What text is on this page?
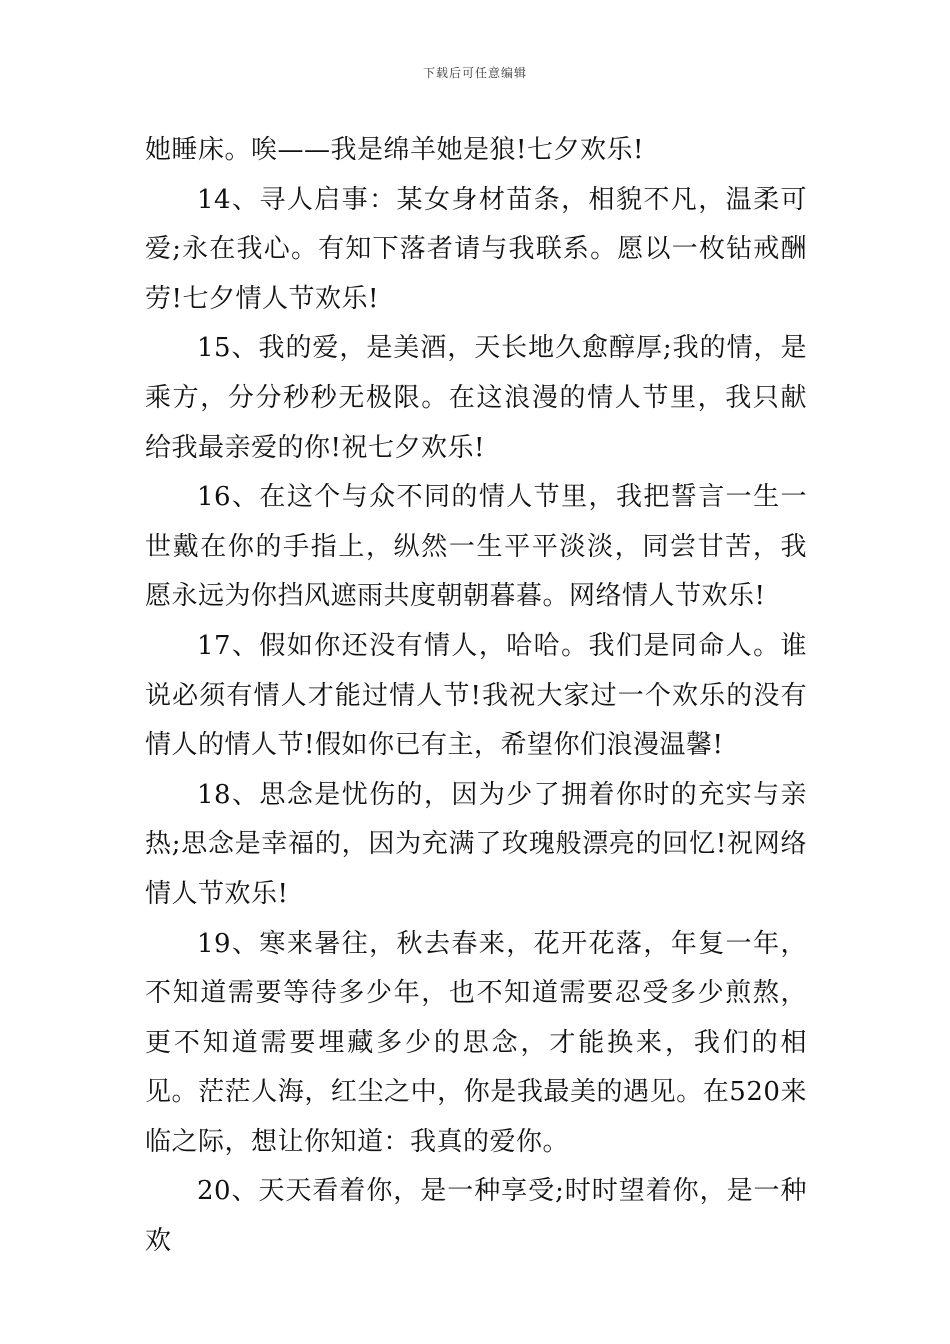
下载后可任意编辑

她睡床。唉——我是绵羊她是狼!七夕欢乐!

14、寻人启事：某女身材苗条，相貌不凡，温柔可爱;永在我心。有知下落者请与我联系。愿以一枚钻戒酬劳!七夕情人节欢乐!

15、我的爱，是美酒，天长地久愈醇厚;我的情，是乘方，分分秒秒无极限。在这浪漫的情人节里，我只献给我最亲爱的你!祝七夕欢乐!

16、在这个与众不同的情人节里，我把誓言一生一世戴在你的手指上，纵然一生平平淡淡，同尝甘苦，我愿永远为你挡风遮雨共度朝朝暮暮。网络情人节欢乐!

17、假如你还没有情人，哈哈。我们是同命人。谁说必须有情人才能过情人节!我祝大家过一个欢乐的没有情人的情人节!假如你已有主，希望你们浪漫温馨!

18、思念是忧伤的，因为少了拥着你时的充实与亲热;思念是幸福的，因为充满了玫瑰般漂亮的回忆!祝网络情人节欢乐!

19、寒来暑往，秋去春来，花开花落，年复一年，不知道需要等待多少年，也不知道需要忍受多少煎熬，更不知道需要埋藏多少的思念，才能换来，我们的相见。茫茫人海，红尘之中，你是我最美的遇见。在520来临之际，想让你知道：我真的爱你。

20、天天看着你，是一种享受;时时望着你，是一种欢
